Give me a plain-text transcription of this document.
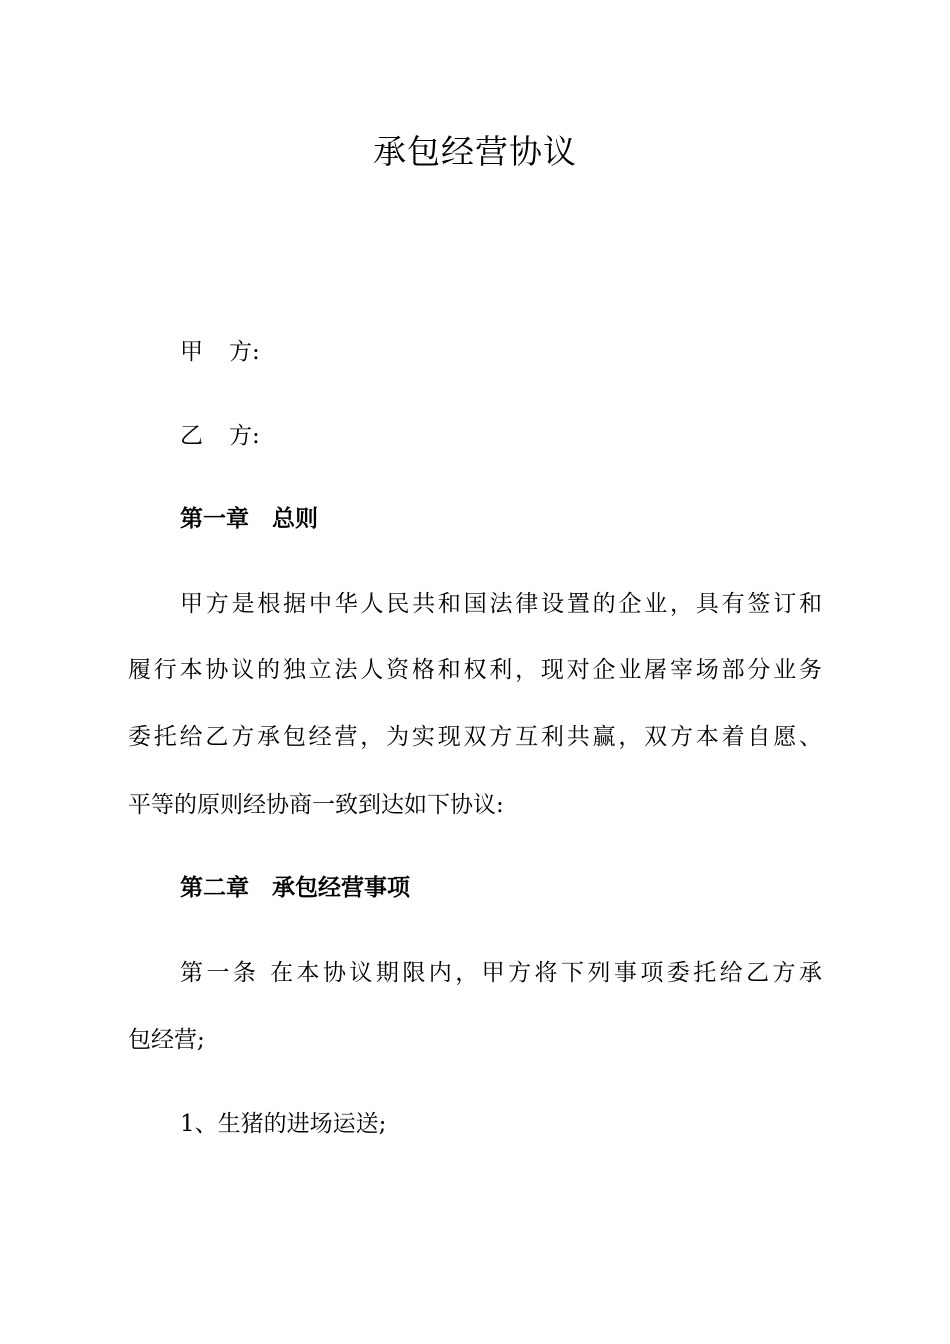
承包经营协议
甲 方:
乙 方:
第一章　总则
甲方是根据中华人民共和国法律设置的企业，具有签订和
履行本协议的独立法人资格和权利，现对企业屠宰场部分业务
委托给乙方承包经营，为实现双方互利共赢，双方本着自愿、
平等的原则经协商一致到达如下协议:
第二章　承包经营事项
第一条 在本协议期限内，甲方将下列事项委托给乙方承
包经营;
1、生猪的进场运送;
